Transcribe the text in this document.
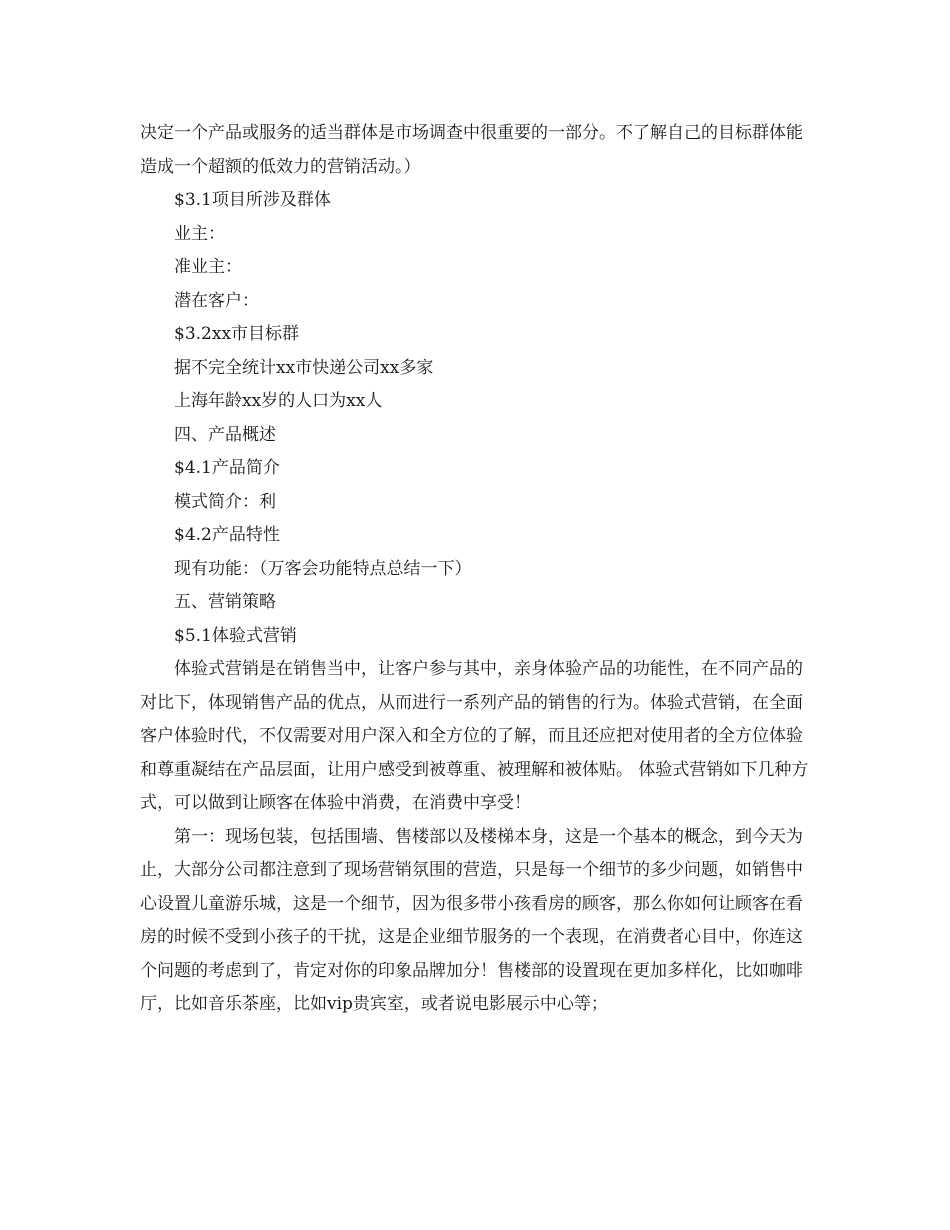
决定一个产品或服务的适当群体是市场调查中很重要的一部分。不了解自己的目标群体能造成一个超额的低效力的营销活动。）

$3.1项目所涉及群体

业主：

准业主：

潜在客户：

$3.2xx市目标群

据不完全统计xx市快递公司xx多家

上海年龄xx岁的人口为xx人

四、产品概述

$4.1产品简介

模式简介：利

$4.2产品特性

现有功能：（万客会功能特点总结一下）

五、营销策略

$5.1体验式营销

体验式营销是在销售当中，让客户参与其中，亲身体验产品的功能性，在不同产品的对比下，体现销售产品的优点，从而进行一系列产品的销售的行为。体验式营销，在全面客户体验时代，不仅需要对用户深入和全方位的了解，而且还应把对使用者的全方位体验和尊重凝结在产品层面，让用户感受到被尊重、被理解和被体贴。 体验式营销如下几种方式，可以做到让顾客在体验中消费，在消费中享受！

第一：现场包装，包括围墙、售楼部以及楼梯本身，这是一个基本的概念，到今天为止，大部分公司都注意到了现场营销氛围的营造，只是每一个细节的多少问题，如销售中心设置儿童游乐城，这是一个细节，因为很多带小孩看房的顾客，那么你如何让顾客在看房的时候不受到小孩子的干扰，这是企业细节服务的一个表现，在消费者心目中，你连这个问题的考虑到了，肯定对你的印象品牌加分！售楼部的设置现在更加多样化，比如咖啡厅，比如音乐茶座，比如vip贵宾室，或者说电影展示中心等；
